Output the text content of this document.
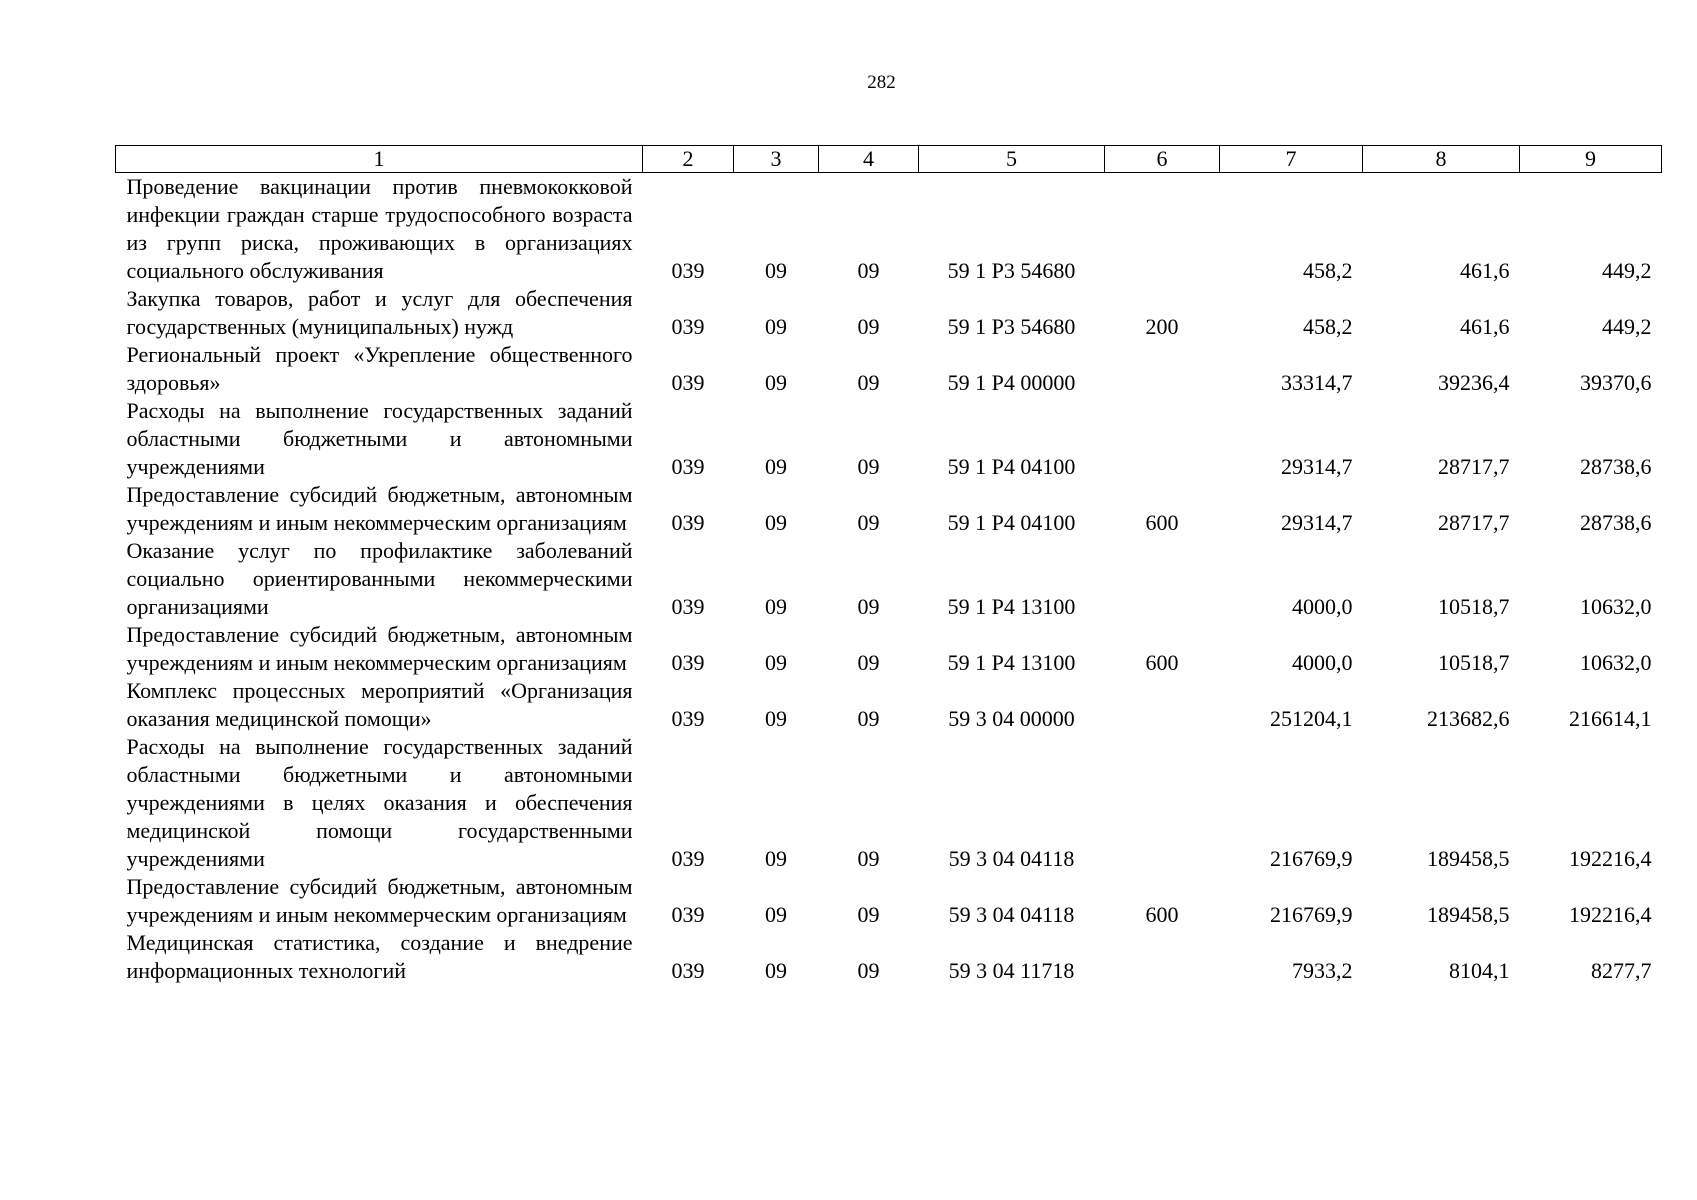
282
1	2	3	4	5	6	7	8	9
Проведение вакцинации против пневмококковой инфекции граждан старше трудоспособного возраста из групп риска, проживающих в организациях социального обслуживания	039	09	09	59 1 Р3 54680		458,2	461,6	449,2
Закупка товаров, работ и услуг для обеспечения государственных (муниципальных) нужд	039	09	09	59 1 Р3 54680	200	458,2	461,6	449,2
Региональный проект «Укрепление общественного здоровья»	039	09	09	59 1 Р4 00000		33314,7	39236,4	39370,6
Расходы на выполнение государственных заданий областными бюджетными и автономными учреждениями	039	09	09	59 1 Р4 04100		29314,7	28717,7	28738,6
Предоставление субсидий бюджетным, автономным учреждениям и иным некоммерческим организациям	039	09	09	59 1 Р4 04100	600	29314,7	28717,7	28738,6
Оказание услуг по профилактике заболеваний социально ориентированными некоммерческими организациями	039	09	09	59 1 Р4 13100		4000,0	10518,7	10632,0
Предоставление субсидий бюджетным, автономным учреждениям и иным некоммерческим организациям	039	09	09	59 1 Р4 13100	600	4000,0	10518,7	10632,0
Комплекс процессных мероприятий «Организация оказания медицинской помощи»	039	09	09	59 3 04 00000		251204,1	213682,6	216614,1
Расходы на выполнение государственных заданий областными бюджетными и автономными учреждениями в целях оказания и обеспечения медицинской помощи государственными учреждениями	039	09	09	59 3 04 04118		216769,9	189458,5	192216,4
Предоставление субсидий бюджетным, автономным учреждениям и иным некоммерческим организациям	039	09	09	59 3 04 04118	600	216769,9	189458,5	192216,4
Медицинская статистика, создание и внедрение информационных технологий	039	09	09	59 3 04 11718		7933,2	8104,1	8277,7
